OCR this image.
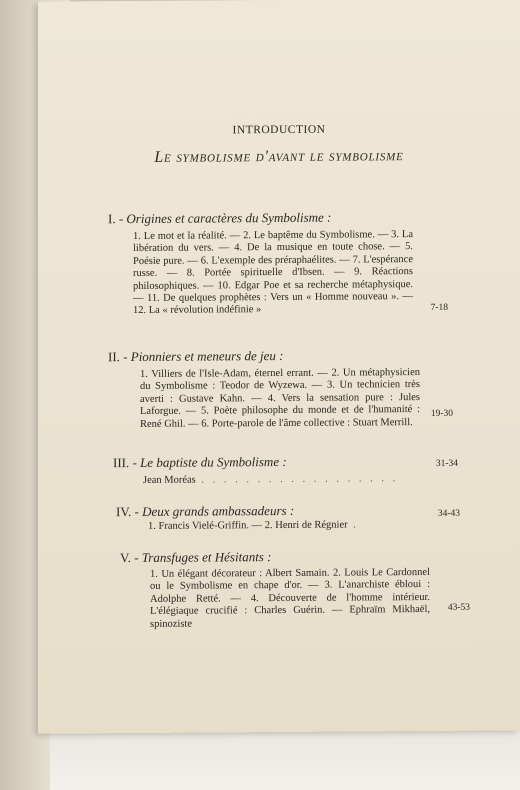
INTRODUCTION
Le symbolisme d'avant le symbolisme
I. - Origines et caractères du Symbolisme :
1. Le mot et la réalité. — 2. Le baptême du Symbolisme. — 3. La libération du vers. — 4. De la musique en toute chose. — 5. Poésie pure. — 6. L'exemple des préraphaélites. — 7. L'espérance russe. — 8. Portée spirituelle d'Ibsen. — 9. Réactions philosophiques. — 10. Edgar Poe et sa recherche métaphysique. — 11. De quelques prophètes : Vers un « Homme nouveau ». — 12. La « révolution indéfinie »	7-18
II. - Pionniers et meneurs de jeu :
1. Villiers de l'Isle-Adam, éternel errant. — 2. Un métaphysicien du Symbolisme : Teodor de Wyzewa. — 3. Un technicien très averti : Gustave Kahn. — 4. Vers la sensation pure : Jules Laforgue. — 5. Poète philosophe du monde et de l'humanité : René Ghil. — 6. Porte-parole de l'âme collective : Stuart Merrill.
19-30
III. - Le baptiste du Symbolisme :
Jean Moréas . . . . . . . . . . . . . . . . . .
31-34
IV. - Deux grands ambassadeurs :
1. Francis Vielé-Griffin. — 2. Henri de Régnier .
34-43
V. - Transfuges et Hésitants :
1. Un élégant décorateur : Albert Samain. 2. Louis Le Cardonnel ou le Symbolisme en chape d'or. — 3. L'anarchiste ébloui : Adolphe Retté. — 4. Découverte de l'homme intérieur. L'élégiaque crucifié : Charles Guérin. — Ephraïm Mikhaël, spinoziste
43-53
